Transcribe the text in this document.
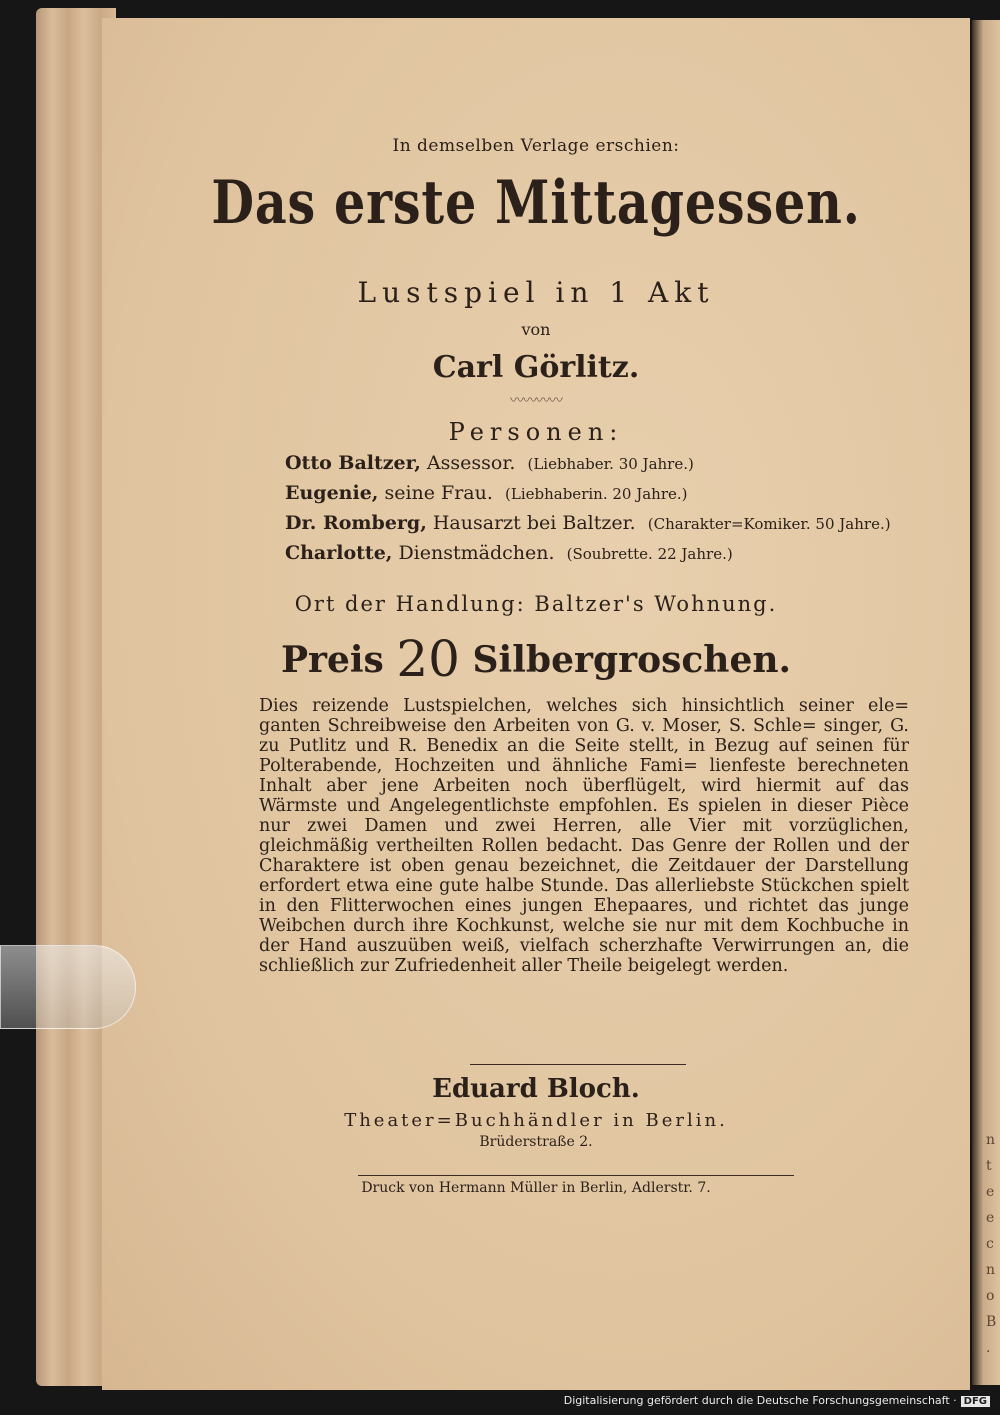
In demselben Verlage erschien:
Das erste Mittagessen.
Lustspiel in 1 Akt
von
Carl Görlitz.
〰〰〰〰
Personen:
Otto Baltzer, Assessor. (Liebhaber. 30 Jahre.)
Eugenie, seine Frau. (Liebhaberin. 20 Jahre.)
Dr. Romberg, Hausarzt bei Baltzer. (Charakter=Komiker. 50 Jahre.)
Charlotte, Dienstmädchen. (Soubrette. 22 Jahre.)
Ort der Handlung: Baltzer's Wohnung.
Preis 20 Silbergroschen.
Dies reizende Lustspielchen, welches sich hinsichtlich seiner ele= ganten Schreibweise den Arbeiten von G. v. Moser, S. Schle= singer, G. zu Putlitz und R. Benedix an die Seite stellt, in Bezug auf seinen für Polterabende, Hochzeiten und ähnliche Fami= lienfeste berechneten Inhalt aber jene Arbeiten noch überflügelt, wird hiermit auf das Wärmste und Angelegentlichste empfohlen. Es spielen in dieser Pièce nur zwei Damen und zwei Herren, alle Vier mit vorzüglichen, gleichmäßig vertheilten Rollen bedacht. Das Genre der Rollen und der Charaktere ist oben genau bezeichnet, die Zeitdauer der Darstellung erfordert etwa eine gute halbe Stunde. Das allerliebste Stückchen spielt in den Flitterwochen eines jungen Ehepaares, und richtet das junge Weibchen durch ihre Kochkunst, welche sie nur mit dem Kochbuche in der Hand auszuüben weiß, vielfach scherzhafte Verwirrungen an, die schließlich zur Zufriedenheit aller Theile beigelegt werden.
Eduard Bloch.
Theater=Buchhändler in Berlin.
Brüderstraße 2.
Druck von Hermann Müller in Berlin, Adlerstr. 7.
n
t
e
e
c
n
o
B
.
Digitalisierung gefördert durch die Deutsche Forschungsgemeinschaft · DFG
